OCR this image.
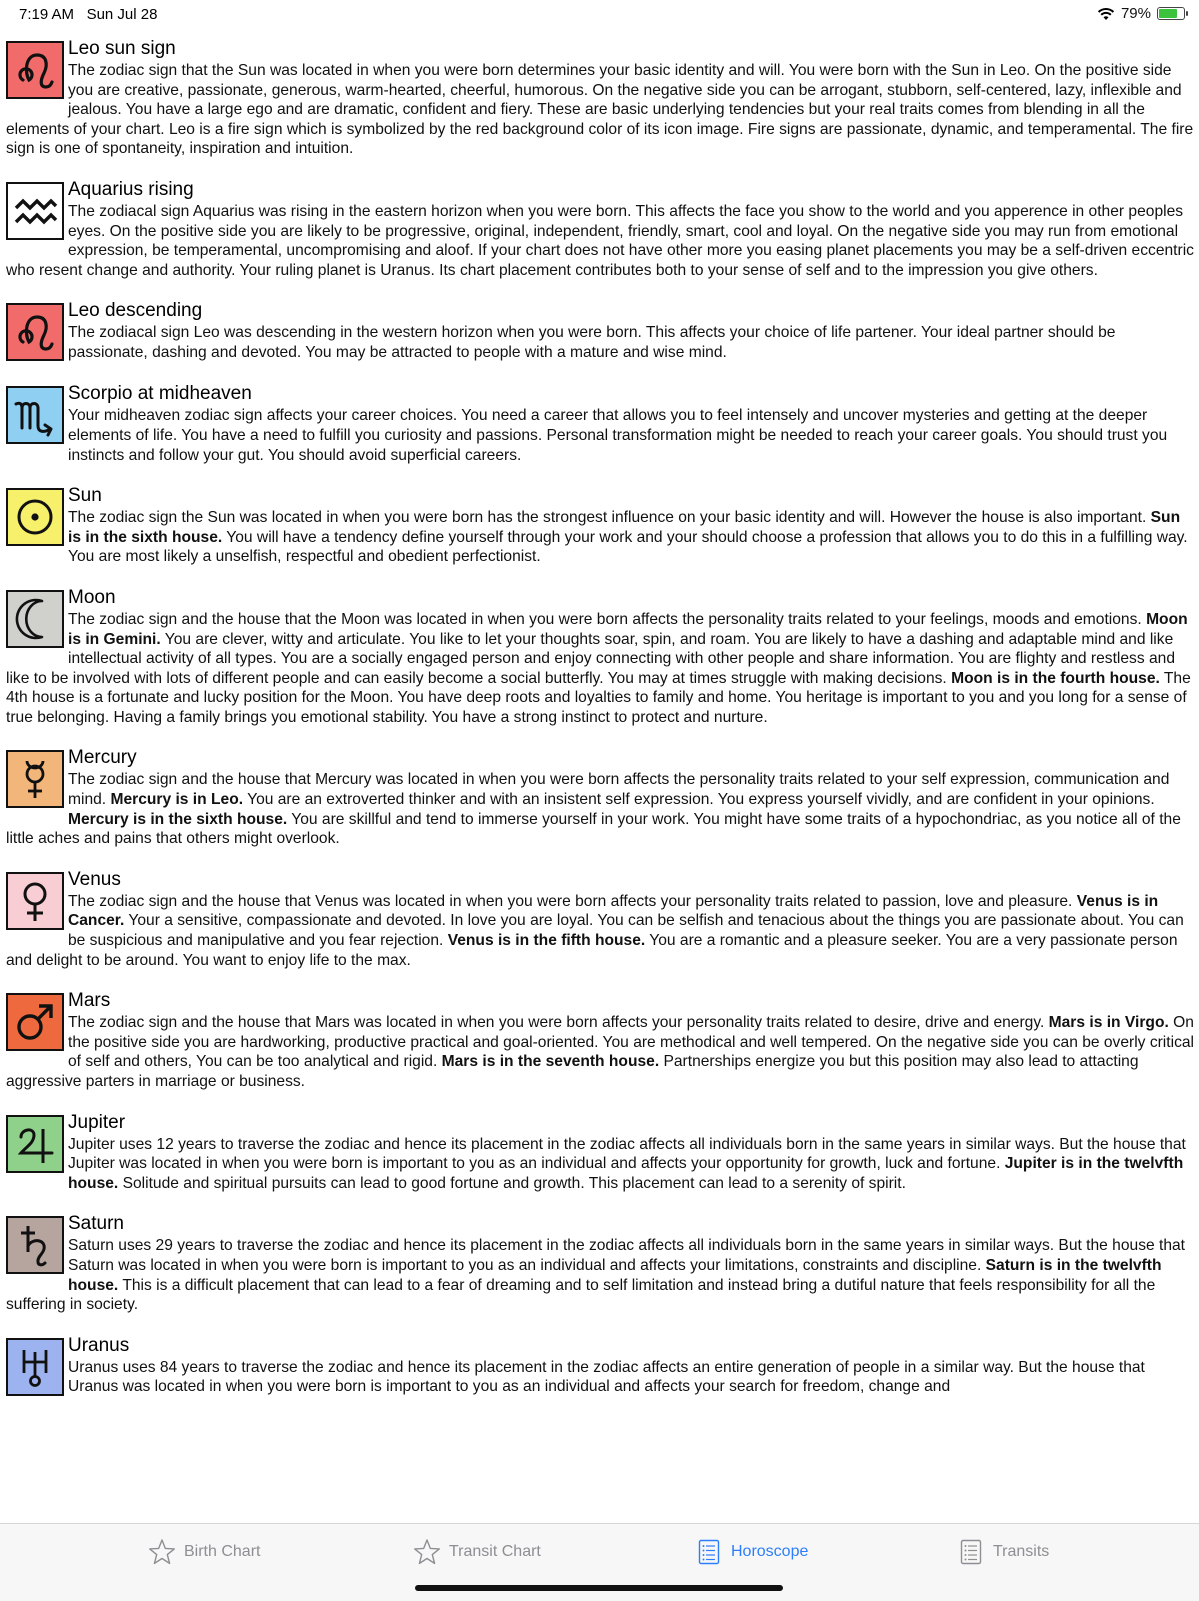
7:19 AM Sun Jul 28	79%
Leo sun sign
The zodiac sign that the Sun was located in when you were born determines your basic identity and will. You were born with the Sun in Leo. On the positive side you are creative, passionate, generous, warm-hearted, cheerful, humorous. On the negative side you can be arrogant, stubborn, self-centered, lazy, inflexible and jealous. You have a large ego and are dramatic, confident and fiery. These are basic underlying tendencies but your real traits comes from blending in all the elements of your chart. Leo is a fire sign which is symbolized by the red background color of its icon image. Fire signs are passionate, dynamic, and temperamental. The fire sign is one of spontaneity, inspiration and intuition.
Aquarius rising
The zodiacal sign Aquarius was rising in the eastern horizon when you were born. This affects the face you show to the world and you apperence in other peoples eyes. On the positive side you are likely to be progressive, original, independent, friendly, smart, cool and loyal. On the negative side you may run from emotional expression, be temperamental, uncompromising and aloof. If your chart does not have other more you easing planet placements you may be a self-driven eccentric who resent change and authority. Your ruling planet is Uranus. Its chart placement contributes both to your sense of self and to the impression you give others.
Leo descending
The zodiacal sign Leo was descending in the western horizon when you were born. This affects your choice of life partener. Your ideal partner should be passionate, dashing and devoted. You may be attracted to people with a mature and wise mind.
Scorpio at midheaven
Your midheaven zodiac sign affects your career choices. You need a career that allows you to feel intensely and uncover mysteries and getting at the deeper elements of life. You have a need to fulfill you curiosity and passions. Personal transformation might be needed to reach your career goals. You should trust you instincts and follow your gut. You should avoid superficial careers.
Sun
The zodiac sign the Sun was located in when you were born has the strongest influence on your basic identity and will. However the house is also important. Sun is in the sixth house. You will have a tendency define yourself through your work and your should choose a profession that allows you to do this in a fulfilling way. You are most likely a unselfish, respectful and obedient perfectionist.
Moon
The zodiac sign and the house that the Moon was located in when you were born affects the personality traits related to your feelings, moods and emotions. Moon is in Gemini. You are clever, witty and articulate. You like to let your thoughts soar, spin, and roam. You are likely to have a dashing and adaptable mind and like intellectual activity of all types. You are a socially engaged person and enjoy connecting with other people and share information. You are flighty and restless and like to be involved with lots of different people and can easily become a social butterfly. You may at times struggle with making decisions. Moon is in the fourth house. The 4th house is a fortunate and lucky position for the Moon. You have deep roots and loyalties to family and home. You heritage is important to you and you long for a sense of true belonging. Having a family brings you emotional stability. You have a strong instinct to protect and nurture.
Mercury
The zodiac sign and the house that Mercury was located in when you were born affects the personality traits related to your self expression, communication and mind. Mercury is in Leo. You are an extroverted thinker and with an insistent self expression. You express yourself vividly, and are confident in your opinions. Mercury is in the sixth house. You are skillful and tend to immerse yourself in your work. You might have some traits of a hypochondriac, as you notice all of the little aches and pains that others might overlook.
Venus
The zodiac sign and the house that Venus was located in when you were born affects your personality traits related to passion, love and pleasure. Venus is in Cancer. Your a sensitive, compassionate and devoted. In love you are loyal. You can be selfish and tenacious about the things you are passionate about. You can be suspicious and manipulative and you fear rejection. Venus is in the fifth house. You are a romantic and a pleasure seeker. You are a very passionate person and delight to be around. You want to enjoy life to the max.
Mars
The zodiac sign and the house that Mars was located in when you were born affects your personality traits related to desire, drive and energy. Mars is in Virgo. On the positive side you are hardworking, productive practical and goal-oriented. You are methodical and well tempered. On the negative side you can be overly critical of self and others, You can be too analytical and rigid. Mars is in the seventh house. Partnerships energize you but this position may also lead to attacting aggressive parters in marriage or business.
Jupiter
Jupiter uses 12 years to traverse the zodiac and hence its placement in the zodiac affects all individuals born in the same years in similar ways. But the house that Jupiter was located in when you were born is important to you as an individual and affects your opportunity for growth, luck and fortune. Jupiter is in the twelvfth house. Solitude and spiritual pursuits can lead to good fortune and growth. This placement can lead to a serenity of spirit.
Saturn
Saturn uses 29 years to traverse the zodiac and hence its placement in the zodiac affects all individuals born in the same years in similar ways. But the house that Saturn was located in when you were born is important to you as an individual and affects your limitations, constraints and discipline. Saturn is in the twelvfth house. This is a difficult placement that can lead to a fear of dreaming and to self limitation and instead bring a dutiful nature that feels responsibility for all the suffering in society.
Uranus
Uranus uses 84 years to traverse the zodiac and hence its placement in the zodiac affects an entire generation of people in a similar way. But the house that Uranus was located in when you were born is important to you as an individual and affects your search for freedom, change and
Birth Chart	Transit Chart	Horoscope	Transits
